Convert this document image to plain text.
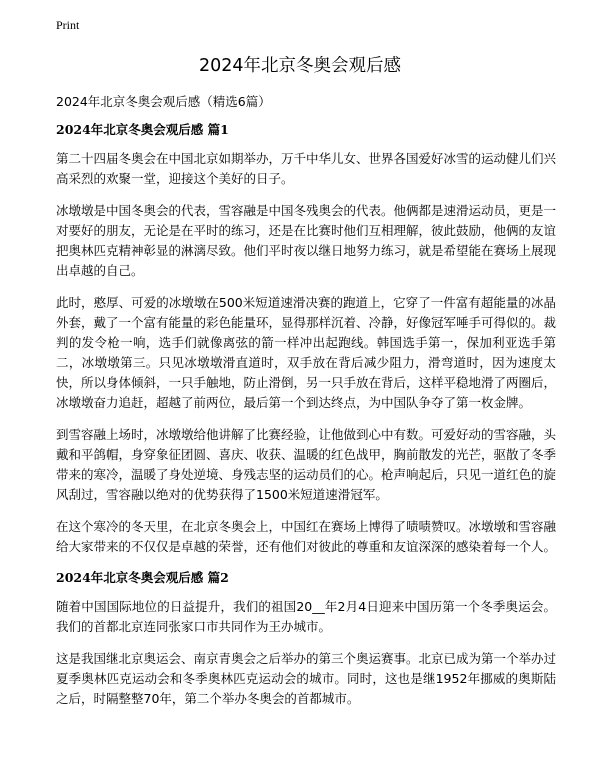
Print
2024年北京冬奥会观后感

2024年北京冬奥会观后感（精选6篇）

2024年北京冬奥会观后感 篇1

第二十四届冬奥会在中国北京如期举办，万千中华儿女、世界各国爱好冰雪的运动健儿们兴高采烈的欢聚一堂，迎接这个美好的日子。

冰墩墩是中国冬奥会的代表，雪容融是中国冬残奥会的代表。他俩都是速滑运动员，更是一对要好的朋友，无论是在平时的练习，还是在比赛时他们互相理解，彼此鼓励，他俩的友谊把奥林匹克精神彰显的淋漓尽致。他们平时夜以继日地努力练习，就是希望能在赛场上展现出卓越的自己。

此时，憨厚、可爱的冰墩墩在500米短道速滑决赛的跑道上，它穿了一件富有超能量的冰晶外套，戴了一个富有能量的彩色能量环，显得那样沉着、冷静，好像冠军唾手可得似的。裁判的发令枪一响，选手们就像离弦的箭一样冲出起跑线。韩国选手第一，保加利亚选手第二，冰墩墩第三。只见冰墩墩滑直道时，双手放在背后减少阻力，滑弯道时，因为速度太快，所以身体倾斜，一只手触地，防止滑倒，另一只手放在背后，这样平稳地滑了两圈后，冰墩墩奋力追赶，超越了前两位，最后第一个到达终点，为中国队争夺了第一枚金牌。

到雪容融上场时，冰墩墩给他讲解了比赛经验，让他做到心中有数。可爱好动的雪容融，头戴和平鸽帽，身穿象征团圆、喜庆、收获、温暖的红色战甲，胸前散发的光芒，驱散了冬季带来的寒冷，温暖了身处逆境、身残志坚的运动员们的心。枪声响起后，只见一道红色的旋风刮过，雪容融以绝对的优势获得了1500米短道速滑冠军。

在这个寒冷的冬天里，在北京冬奥会上，中国红在赛场上博得了啧啧赞叹。冰墩墩和雪容融给大家带来的不仅仅是卓越的荣誉，还有他们对彼此的尊重和友谊深深的感染着每一个人。

2024年北京冬奥会观后感 篇2

随着中国国际地位的日益提升，我们的祖国20__年2月4日迎来中国历第一个冬季奥运会。我们的首都北京连同张家口市共同作为王办城市。

这是我国继北京奥运会、南京青奥会之后举办的第三个奥运赛事。北京已成为第一个举办过夏季奥林匹克运动会和冬季奥林匹克运动会的城市。同时，这也是继1952年挪威的奥斯陆之后，时隔整整70年，第二个举办冬奥会的首都城市。
